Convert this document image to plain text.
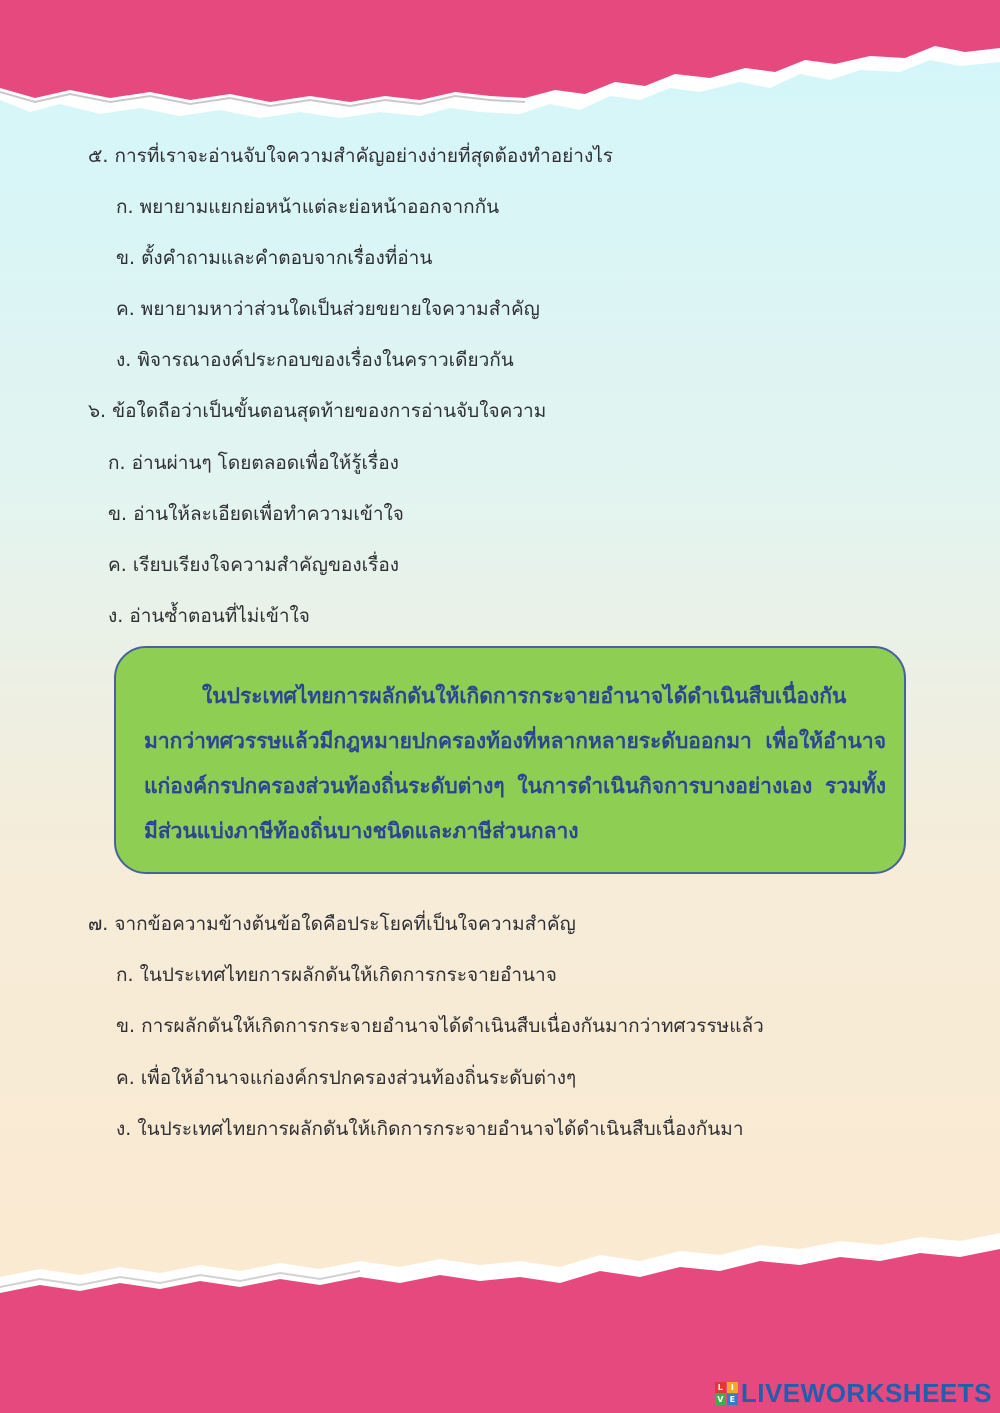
๕. การที่เราจะอ่านจับใจความสำคัญอย่างง่ายที่สุดต้องทำอย่างไร
ก. พยายามแยกย่อหน้าแต่ละย่อหน้าออกจากกัน
ข. ตั้งคำถามและคำตอบจากเรื่องที่อ่าน
ค. พยายามหาว่าส่วนใดเป็นส่วยขยายใจความสำคัญ
ง. พิจารณาองค์ประกอบของเรื่องในคราวเดียวกัน
๖. ข้อใดถือว่าเป็นขั้นตอนสุดท้ายของการอ่านจับใจความ
ก. อ่านผ่านๆ โดยตลอดเพื่อให้รู้เรื่อง
ข. อ่านให้ละเอียดเพื่อทำความเข้าใจ
ค. เรียบเรียงใจความสำคัญของเรื่อง
ง. อ่านซ้ำตอนที่ไม่เข้าใจ

ในประเทศไทยการผลักดันให้เกิดการกระจายอำนาจได้ดำเนินสืบเนื่องกันมากว่าทศวรรษแล้วมีกฎหมายปกครองท้องที่หลากหลายระดับออกมา เพื่อให้อำนาจแก่องค์กรปกครองส่วนท้องถิ่นระดับต่างๆ ในการดำเนินกิจการบางอย่างเอง รวมทั้งมีส่วนแบ่งภาษีท้องถิ่นบางชนิดและภาษีส่วนกลาง

๗. จากข้อความข้างต้นข้อใดคือประโยคที่เป็นใจความสำคัญ
ก. ในประเทศไทยการผลักดันให้เกิดการกระจายอำนาจ
ข. การผลักดันให้เกิดการกระจายอำนาจได้ดำเนินสืบเนื่องกันมากว่าทศวรรษแล้ว
ค. เพื่อให้อำนาจแก่องค์กรปกครองส่วนท้องถิ่นระดับต่างๆ
ง. ในประเทศไทยการผลักดันให้เกิดการกระจายอำนาจได้ดำเนินสืบเนื่องกันมา
L I
V E LIVEWORKSHEETS
